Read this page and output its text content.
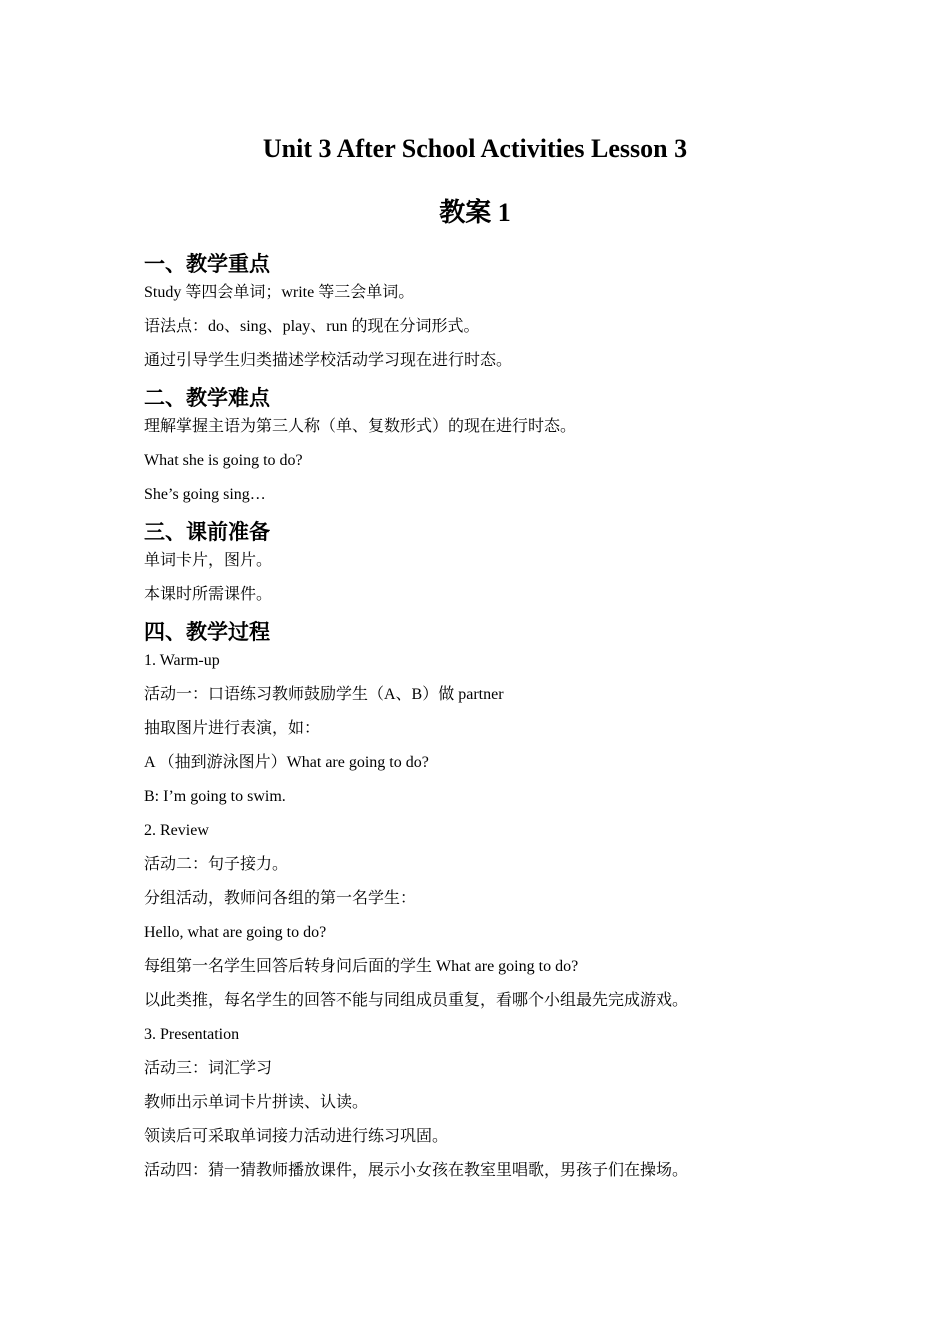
Unit 3 After School Activities Lesson 3
教案 1
一、教学重点
Study 等四会单词；write 等三会单词。
语法点：do、sing、play、run 的现在分词形式。
通过引导学生归类描述学校活动学习现在进行时态。
二、教学难点
理解掌握主语为第三人称（单、复数形式）的现在进行时态。
What she is going to do?
She’s going sing…
三、课前准备
单词卡片，图片。
本课时所需课件。
四、教学过程
1. Warm-up
活动一：口语练习教师鼓励学生（A、B）做 partner
抽取图片进行表演，如：
A （抽到游泳图片）What are going to do?
B: I’m going to swim.
2. Review
活动二：句子接力。
分组活动，教师问各组的第一名学生：
Hello, what are going to do?
每组第一名学生回答后转身问后面的学生 What are going to do?
以此类推，每名学生的回答不能与同组成员重复，看哪个小组最先完成游戏。
3. Presentation
活动三：词汇学习
教师出示单词卡片拼读、认读。
领读后可采取单词接力活动进行练习巩固。
活动四：猜一猜教师播放课件，展示小女孩在教室里唱歌，男孩子们在操场。
